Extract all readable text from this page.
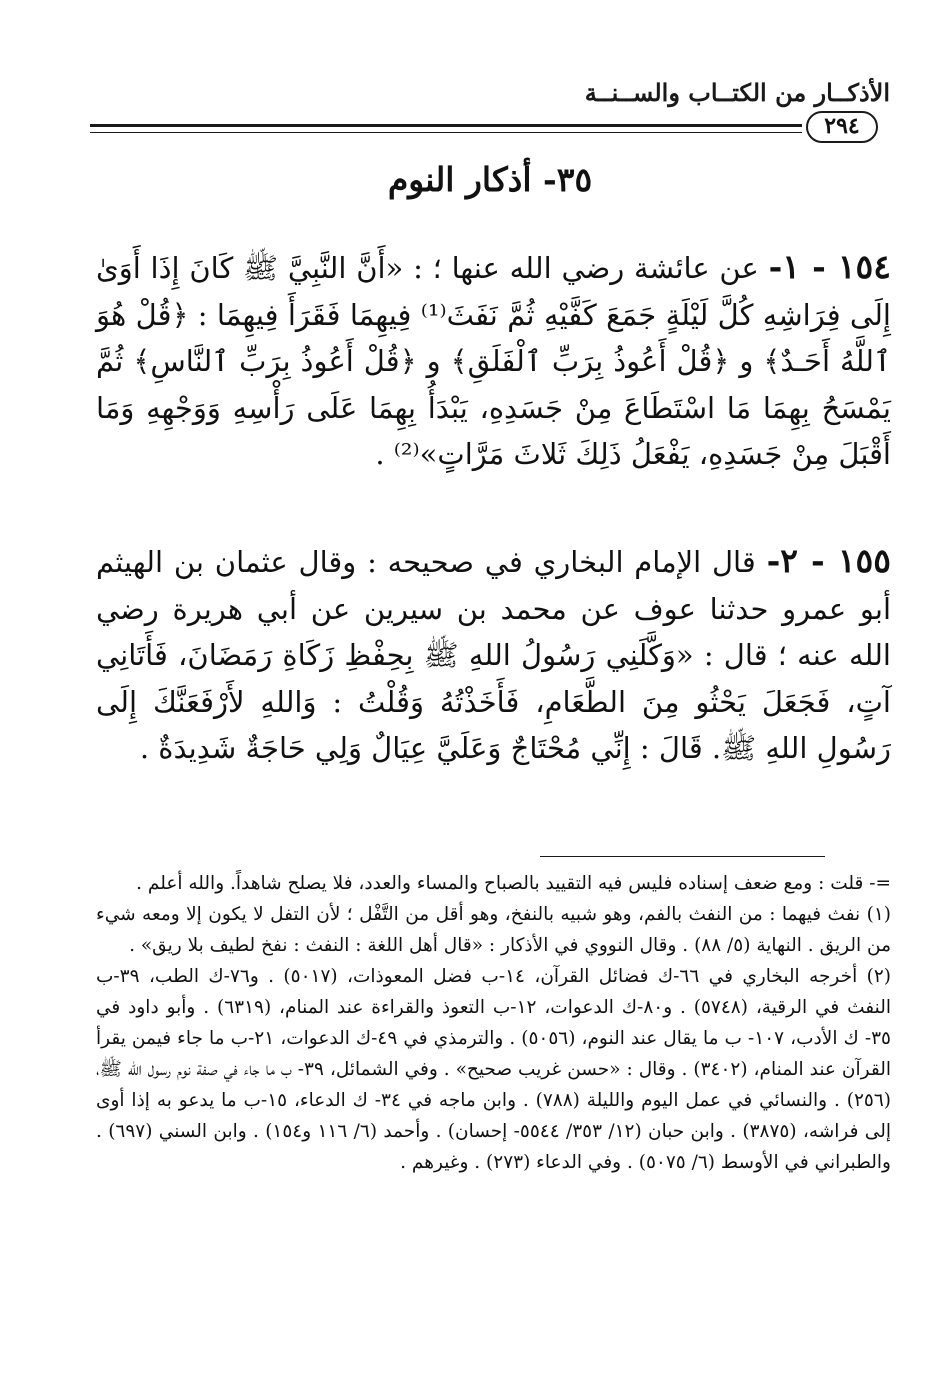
الأذكــار من الكتــاب والســنــة
٢٩٤
٣٥- أذكار النوم
١٥٤ - ١- عن عائشة رضي الله عنها ؛ : «أَنَّ النَّبِيَّ ﷺ كَانَ إِذَا أَوَىٰ إِلَى فِرَاشِهِ كُلَّ لَيْلَةٍ جَمَعَ كَفَّيْهِ ثُمَّ نَفَثَ⁽¹⁾ فِيهِمَا فَقَرَأَ فِيهِمَا : ﴿قُلْ هُوَ ٱللَّهُ أَحَـدٌ﴾ و ﴿قُلْ أَعُوذُ بِرَبِّ ٱلْفَلَقِ﴾ و ﴿قُلْ أَعُوذُ بِرَبِّ ٱلنَّاسِ﴾ ثُمَّ يَمْسَحُ بِهِمَا مَا اسْتَطَاعَ مِنْ جَسَدِهِ، يَبْدَأُ بِهِمَا عَلَى رَأْسِهِ وَوَجْهِهِ وَمَا أَقْبَلَ مِنْ جَسَدِهِ، يَفْعَلُ ذَلِكَ ثَلاثَ مَرَّاتٍ»⁽²⁾ .
١٥٥ - ٢- قال الإمام البخاري في صحيحه : وقال عثمان بن الهيثم أبو عمرو حدثنا عوف عن محمد بن سيرين عن أبي هريرة رضي الله عنه ؛ قال : «وَكَّلَنِي رَسُولُ اللهِ ﷺ بِحِفْظِ زَكَاةِ رَمَضَانَ، فَأَتَانِي آتٍ، فَجَعَلَ يَحْثُو مِنَ الطَّعَامِ، فَأَخَذْتُهُ وَقُلْتُ : وَاللهِ لأَرْفَعَنَّكَ إِلَى رَسُولِ اللهِ ﷺ. قَالَ : إِنِّي مُحْتَاجٌ وَعَلَيَّ عِيَالٌ وَلِي حَاجَةٌ شَدِيدَةٌ .

=- قلت : ومع ضعف إسناده فليس فيه التقييد بالصباح والمساء والعدد، فلا يصلح شاهداً. والله أعلم .

(١) نفث فيهما : من النفث بالفم، وهو شبيه بالنفخ، وهو أقل من التَّفْل ؛ لأن التفل لا يكون إلا ومعه شيء من الريق . النهاية (٥/ ٨٨) . وقال النووي في الأذكار : «قال أهل اللغة : النفث : نفخ لطيف بلا ريق» .

(٢) أخرجه البخاري في ٦٦-ك فضائل القرآن، ١٤-ب فضل المعوذات، (٥٠١٧) . و٧٦-ك الطب، ٣٩-ب النفث في الرقية، (٥٧٤٨) . و٨٠-ك الدعوات، ١٢-ب التعوذ والقراءة عند المنام، (٦٣١٩) . وأبو داود في ٣٥- ك الأدب، ١٠٧- ب ما يقال عند النوم، (٥٠٥٦) . والترمذي في ٤٩-ك الدعوات، ٢١-ب ما جاء فيمن يقرأ القرآن عند المنام، (٣٤٠٢) . وقال : «حسن غريب صحيح» . وفي الشمائل، ٣٩- ب ما جاء في صفة نوم رسول الله ﷺ، (٢٥٦) . والنسائي في عمل اليوم والليلة (٧٨٨) . وابن ماجه في ٣٤- ك الدعاء، ١٥-ب ما يدعو به إذا أوى إلى فراشه، (٣٨٧٥) . وابن حبان (١٢/ ٣٥٣/ ٥٥٤٤- إحسان) . وأحمد (٦/ ١١٦ و١٥٤) . وابن السني (٦٩٧) . والطبراني في الأوسط (٦/ ٥٠٧٥) . وفي الدعاء (٢٧٣) . وغيرهم .
